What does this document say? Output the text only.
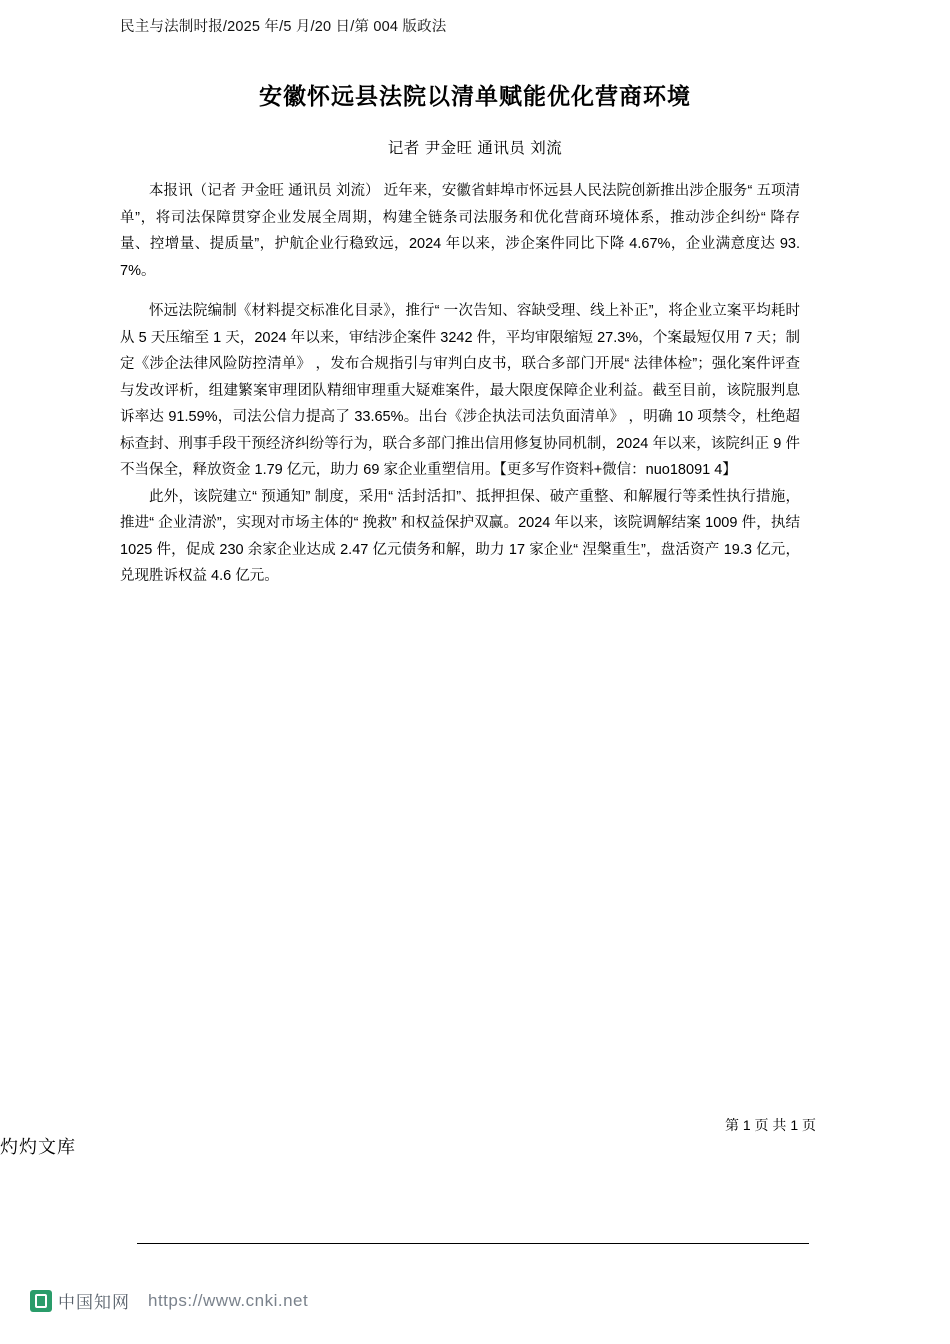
民主与法制时报/2025 年/5 月/20 日/第 004 版政法
安徽怀远县法院以清单赋能优化营商环境
记者 尹金旺 通讯员 刘流

本报讯（记者 尹金旺 通讯员 刘流） 近年来，安徽省蚌埠市怀远县人民法院创新推出涉企服务“ 五项清单”，将司法保障贯穿企业发展全周期，构建全链条司法服务和优化营商环境体系，推动涉企纠纷“ 降存量、控增量、提质量”，护航企业行稳致远，2024 年以来，涉企案件同比下降 4.67%，企业满意度达 93.7%。

怀远法院编制《材料提交标准化目录》，推行“ 一次告知、容缺受理、线上补正”，将企业立案平均耗时从 5 天压缩至 1 天，2024 年以来，审结涉企案件 3242 件，平均审限缩短 27.3%，个案最短仅用 7 天；制定《涉企法律风险防控清单》 ，发布合规指引与审判白皮书，联合多部门开展“ 法律体检”；强化案件评查与发改评析，组建繁案审理团队精细审理重大疑难案件，最大限度保障企业利益。截至目前，该院服判息诉率达 91.59%，司法公信力提高了 33.65%。出台《涉企执法司法负面清单》 ，明确 10 项禁令，杜绝超标查封、刑事手段干预经济纠纷等行为，联合多部门推出信用修复协同机制，2024 年以来，该院纠正 9 件不当保全，释放资金 1.79 亿元，助力 69 家企业重塑信用。【更多写作资料+微信：nuo18091 4】

此外，该院建立“ 预通知” 制度，采用“ 活封活扣”、抵押担保、破产重整、和解履行等柔性执行措施，推进“ 企业清淤”，实现对市场主体的“ 挽救” 和权益保护双赢。2024 年以来，该院调解结案 1009 件，执结 1025 件，促成 230 余家企业达成 2.47 亿元债务和解，助力 17 家企业“ 涅槃重生”，盘活资产 19.3 亿元，兑现胜诉权益 4.6 亿元。

第 1 页 共 1 页
灼灼文库
中国知网 https://www.cnki.net
